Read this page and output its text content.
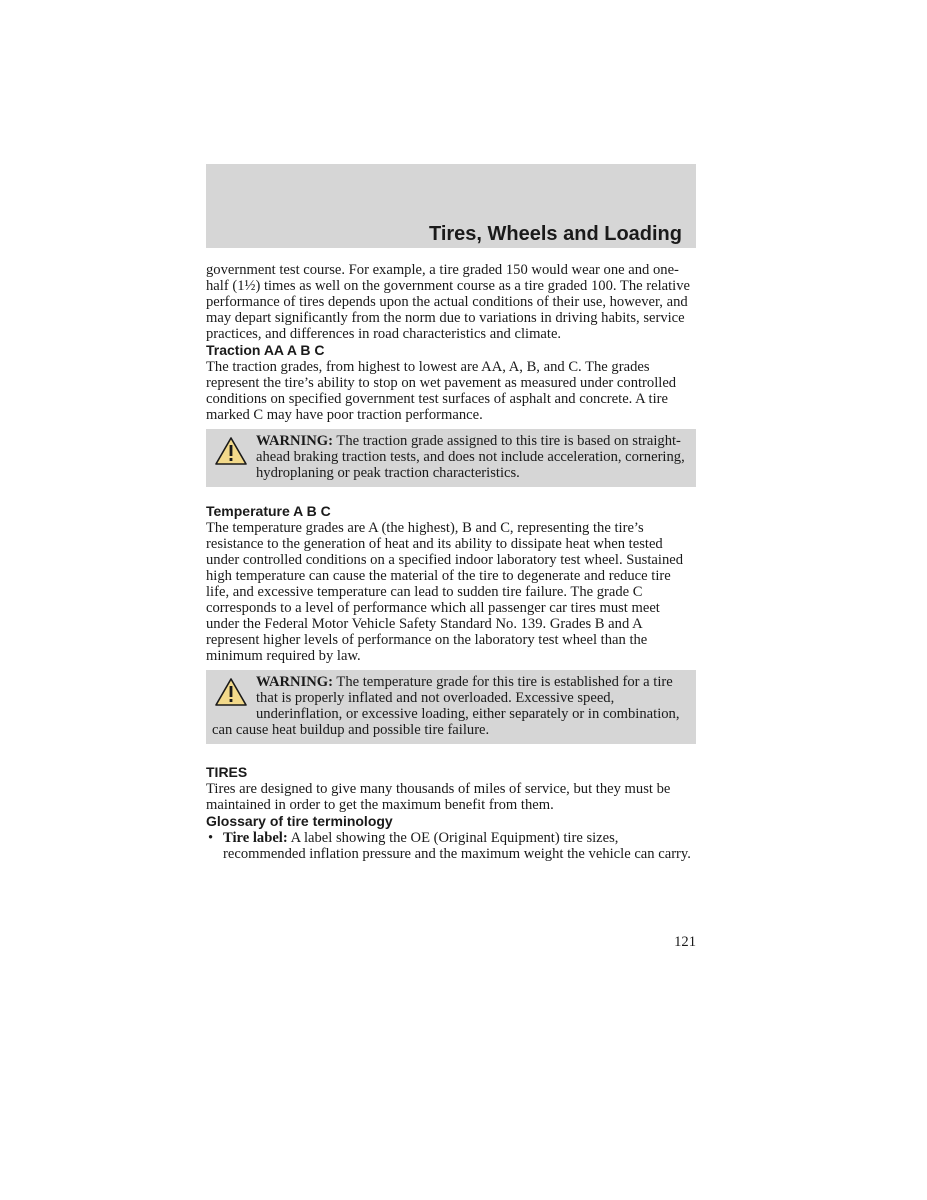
Tires, Wheels and Loading

government test course. For example, a tire graded 150 would wear one and one-half (1½) times as well on the government course as a tire graded 100. The relative performance of tires depends upon the actual conditions of their use, however, and may depart significantly from the norm due to variations in driving habits, service practices, and differences in road characteristics and climate.

Traction AA A B C

The traction grades, from highest to lowest are AA, A, B, and C. The grades represent the tire’s ability to stop on wet pavement as measured under controlled conditions on specified government test surfaces of asphalt and concrete. A tire marked C may have poor traction performance.

WARNING: The traction grade assigned to this tire is based on straight-ahead braking traction tests, and does not include acceleration, cornering, hydroplaning or peak traction characteristics.
Temperature A B C

The temperature grades are A (the highest), B and C, representing the tire’s resistance to the generation of heat and its ability to dissipate heat when tested under controlled conditions on a specified indoor laboratory test wheel. Sustained high temperature can cause the material of the tire to degenerate and reduce tire life, and excessive temperature can lead to sudden tire failure. The grade C corresponds to a level of performance which all passenger car tires must meet under the Federal Motor Vehicle Safety Standard No. 139. Grades B and A represent higher levels of performance on the laboratory test wheel than the minimum required by law.

WARNING: The temperature grade for this tire is established for a tire that is properly inflated and not overloaded. Excessive speed, underinflation, or excessive loading, either separately or in combination, can cause heat buildup and possible tire failure.
TIRES

Tires are designed to give many thousands of miles of service, but they must be maintained in order to get the maximum benefit from them.

Glossary of tire terminology
• Tire label: A label showing the OE (Original Equipment) tire sizes, recommended inflation pressure and the maximum weight the vehicle can carry.
121
